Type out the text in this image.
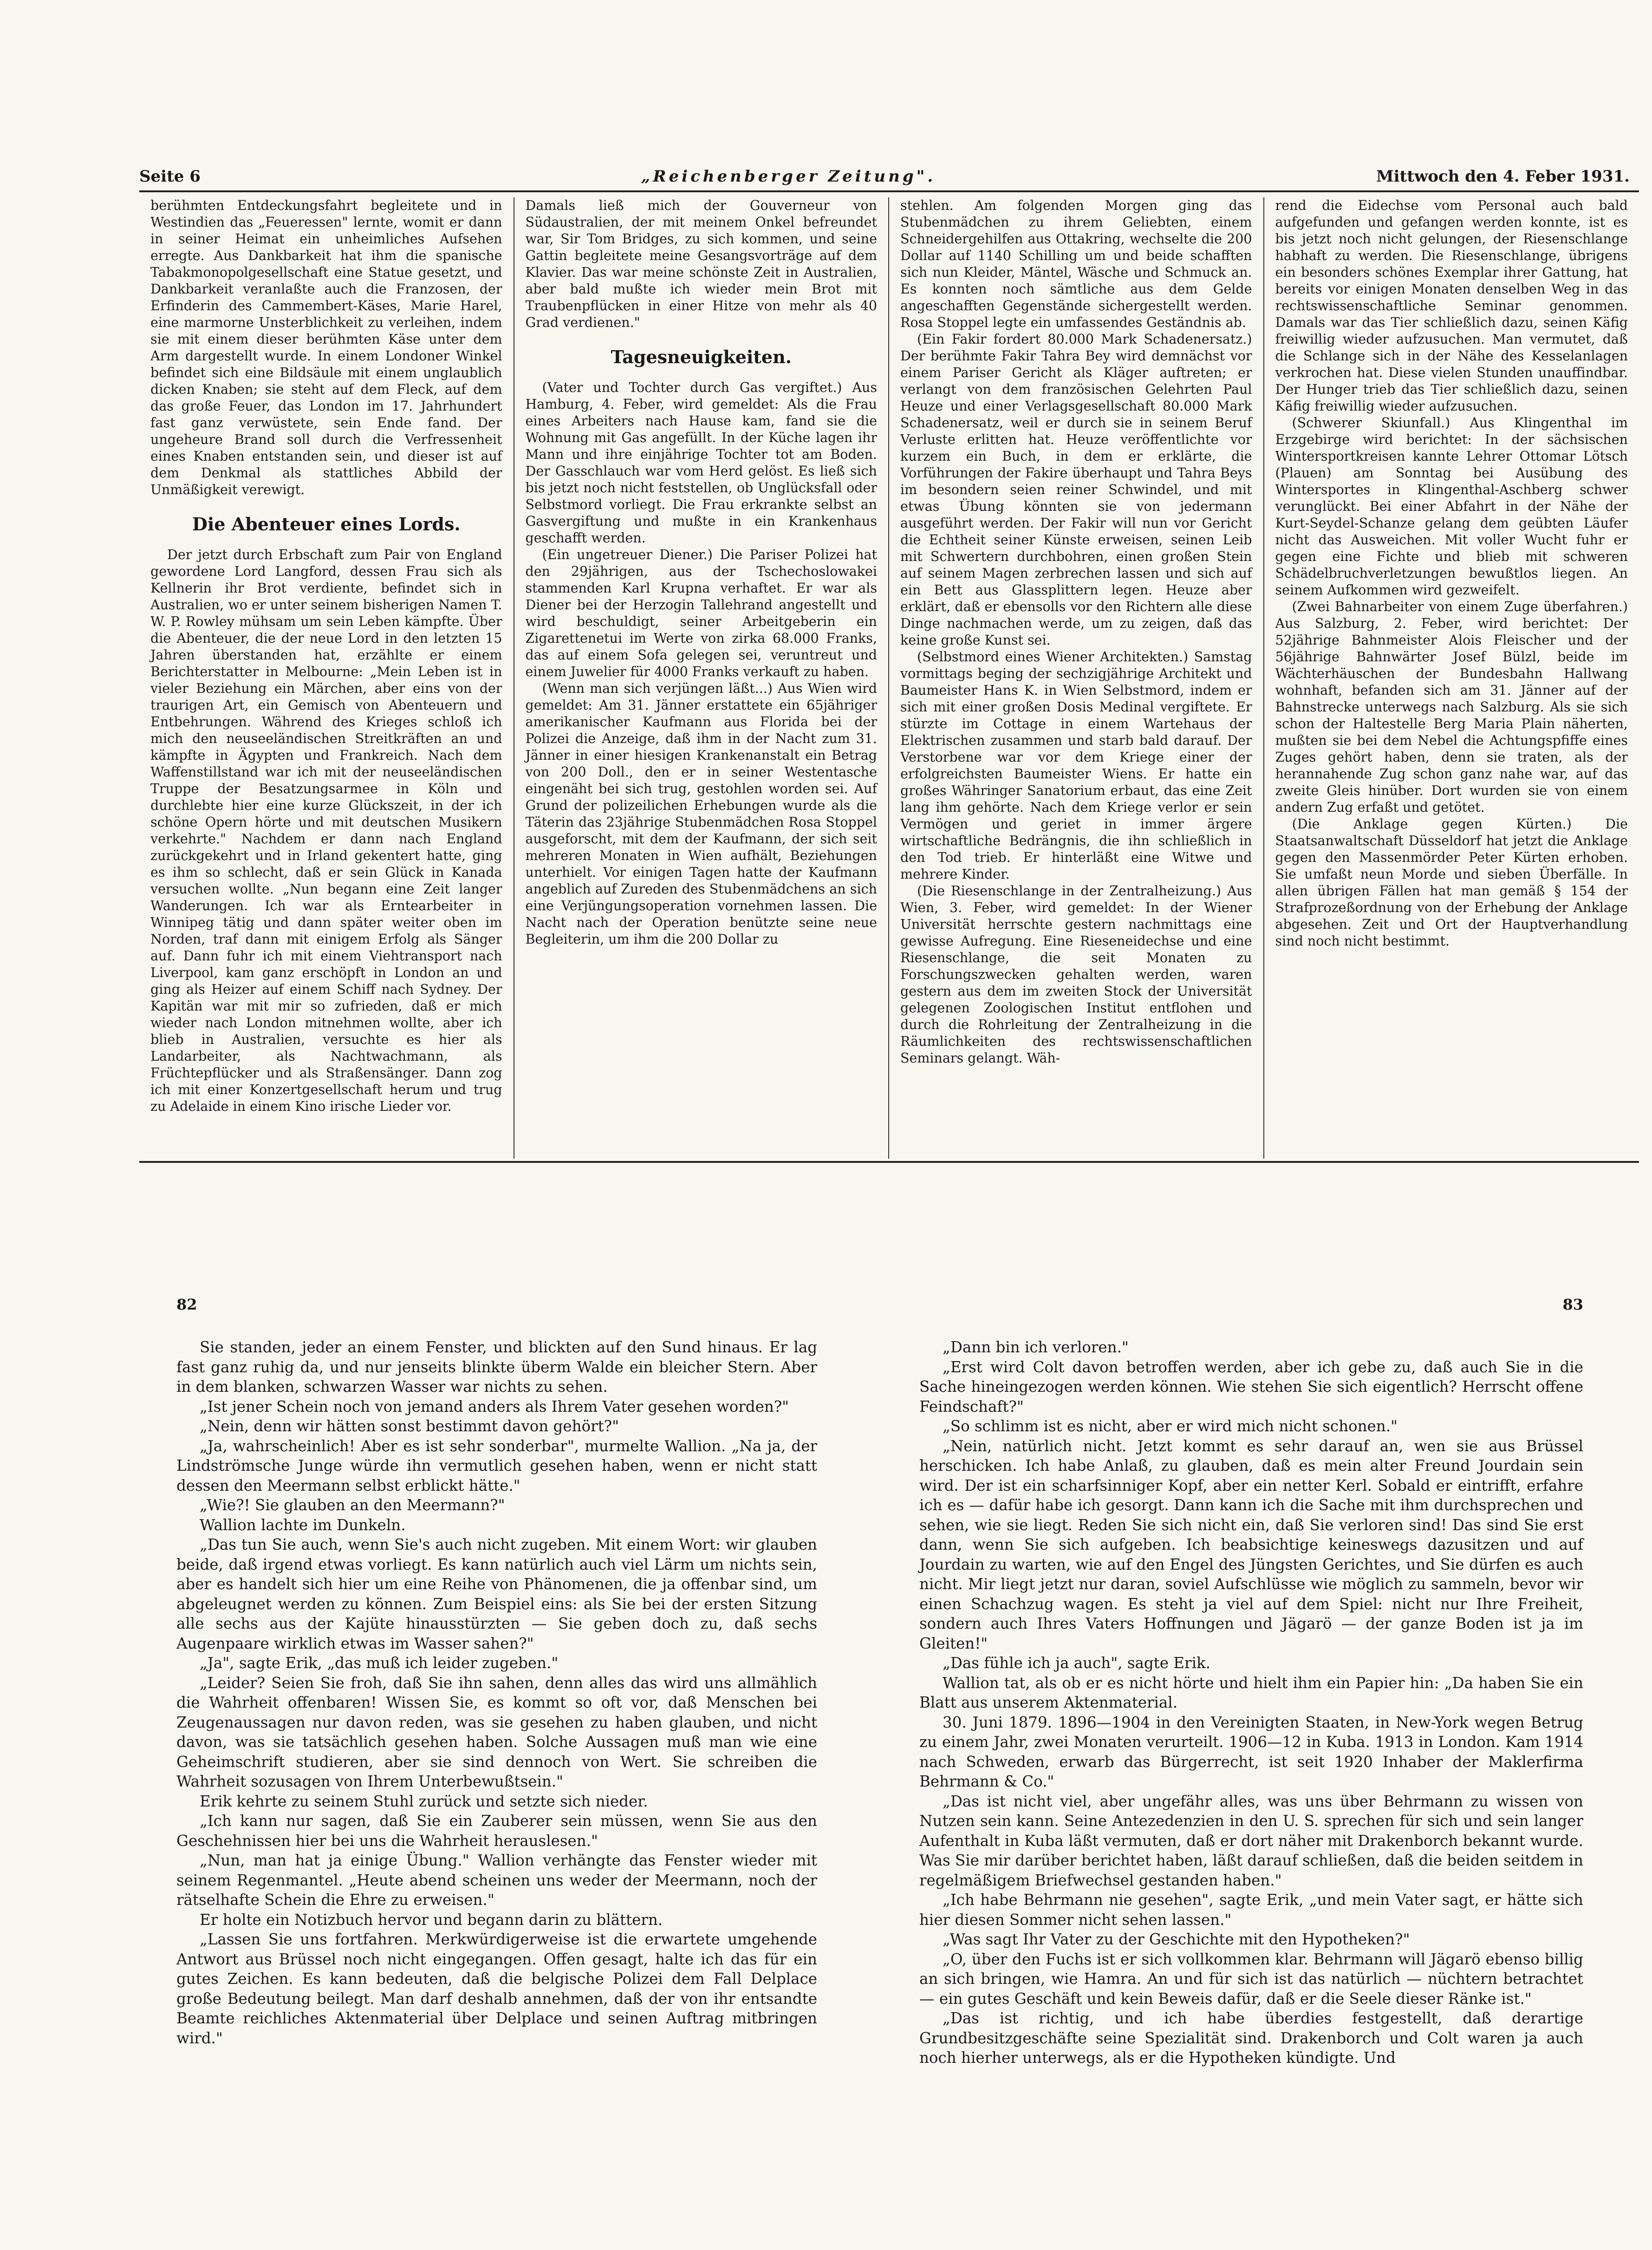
Seite 6	„Reichenberger Zeitung".	Mittwoch den 4. Feber 1931.

berühmten Entdeckungsfahrt begleitete und in Westindien das „Feueressen" lernte, womit er dann in seiner Heimat ein unheimliches Aufsehen erregte. Aus Dankbarkeit hat ihm die spanische Tabakmonopolgesellschaft eine Statue gesetzt, und Dankbarkeit veranlaßte auch die Franzosen, der Erfinderin des Cammembert-Käses, Marie Harel, eine marmorne Unsterblichkeit zu verleihen, indem sie mit einem dieser berühmten Käse unter dem Arm dargestellt wurde. In einem Londoner Winkel befindet sich eine Bildsäule mit einem unglaublich dicken Knaben; sie steht auf dem Fleck, auf dem das große Feuer, das London im 17. Jahrhundert fast ganz verwüstete, sein Ende fand. Der ungeheure Brand soll durch die Verfressenheit eines Knaben entstanden sein, und dieser ist auf dem Denkmal als stattliches Abbild der Unmäßigkeit verewigt.

Die Abenteuer eines Lords.

Der jetzt durch Erbschaft zum Pair von England gewordene Lord Langford, dessen Frau sich als Kellnerin ihr Brot verdiente, befindet sich in Australien, wo er unter seinem bisherigen Namen T. W. P. Rowley mühsam um sein Leben kämpfte. Über die Abenteuer, die der neue Lord in den letzten 15 Jahren überstanden hat, erzählte er einem Berichterstatter in Melbourne: „Mein Leben ist in vieler Beziehung ein Märchen, aber eins von der traurigen Art, ein Gemisch von Abenteuern und Entbehrungen. Während des Krieges schloß ich mich den neuseeländischen Streitkräften an und kämpfte in Ägypten und Frankreich. Nach dem Waffenstillstand war ich mit der neuseeländischen Truppe der Besatzungsarmee in Köln und durchlebte hier eine kurze Glückszeit, in der ich schöne Opern hörte und mit deutschen Musikern verkehrte." Nachdem er dann nach England zurückgekehrt und in Irland gekentert hatte, ging es ihm so schlecht, daß er sein Glück in Kanada versuchen wollte. „Nun begann eine Zeit langer Wanderungen. Ich war als Erntearbeiter in Winnipeg tätig und dann später weiter oben im Norden, traf dann mit einigem Erfolg als Sänger auf. Dann fuhr ich mit einem Viehtransport nach Liverpool, kam ganz erschöpft in London an und ging als Heizer auf einem Schiff nach Sydney. Der Kapitän war mit mir so zufrieden, daß er mich wieder nach London mitnehmen wollte, aber ich blieb in Australien, versuchte es hier als Landarbeiter, als Nachtwachmann, als Früchtepflücker und als Straßensänger. Dann zog ich mit einer Konzertgesellschaft herum und trug zu Adelaide in einem Kino irische Lieder vor.

Damals ließ mich der Gouverneur von Südaustralien, der mit meinem Onkel befreundet war, Sir Tom Bridges, zu sich kommen, und seine Gattin begleitete meine Gesangsvorträge auf dem Klavier. Das war meine schönste Zeit in Australien, aber bald mußte ich wieder mein Brot mit Traubenpflücken in einer Hitze von mehr als 40 Grad verdienen."

Tagesneuigkeiten.

(Vater und Tochter durch Gas vergiftet.) Aus Hamburg, 4. Feber, wird gemeldet: Als die Frau eines Arbeiters nach Hause kam, fand sie die Wohnung mit Gas angefüllt. In der Küche lagen ihr Mann und ihre einjährige Tochter tot am Boden. Der Gasschlauch war vom Herd gelöst. Es ließ sich bis jetzt noch nicht feststellen, ob Unglücksfall oder Selbstmord vorliegt. Die Frau erkrankte selbst an Gasvergiftung und mußte in ein Krankenhaus geschafft werden.

(Ein ungetreuer Diener.) Die Pariser Polizei hat den 29jährigen, aus der Tschechoslowakei stammenden Karl Krupna verhaftet. Er war als Diener bei der Herzogin Tallehrand angestellt und wird beschuldigt, seiner Arbeitgeberin ein Zigarettenetui im Werte von zirka 68.000 Franks, das auf einem Sofa gelegen sei, veruntreut und einem Juwelier für 4000 Franks verkauft zu haben.

(Wenn man sich verjüngen läßt...) Aus Wien wird gemeldet: Am 31. Jänner erstattete ein 65jähriger amerikanischer Kaufmann aus Florida bei der Polizei die Anzeige, daß ihm in der Nacht zum 31. Jänner in einer hiesigen Krankenanstalt ein Betrag von 200 Doll., den er in seiner Westentasche eingenäht bei sich trug, gestohlen worden sei. Auf Grund der polizeilichen Erhebungen wurde als die Täterin das 23jährige Stubenmädchen Rosa Stoppel ausgeforscht, mit dem der Kaufmann, der sich seit mehreren Monaten in Wien aufhält, Beziehungen unterhielt. Vor einigen Tagen hatte der Kaufmann angeblich auf Zureden des Stubenmädchens an sich eine Verjüngungsoperation vornehmen lassen. Die Nacht nach der Operation benützte seine neue Begleiterin, um ihm die 200 Dollar zu

stehlen. Am folgenden Morgen ging das Stubenmädchen zu ihrem Geliebten, einem Schneidergehilfen aus Ottakring, wechselte die 200 Dollar auf 1140 Schilling um und beide schafften sich nun Kleider, Mäntel, Wäsche und Schmuck an. Es konnten noch sämtliche aus dem Gelde angeschafften Gegenstände sichergestellt werden. Rosa Stoppel legte ein umfassendes Geständnis ab.

(Ein Fakir fordert 80.000 Mark Schadenersatz.) Der berühmte Fakir Tahra Bey wird demnächst vor einem Pariser Gericht als Kläger auftreten; er verlangt von dem französischen Gelehrten Paul Heuze und einer Verlagsgesellschaft 80.000 Mark Schadenersatz, weil er durch sie in seinem Beruf Verluste erlitten hat. Heuze veröffentlichte vor kurzem ein Buch, in dem er erklärte, die Vorführungen der Fakire überhaupt und Tahra Beys im besondern seien reiner Schwindel, und mit etwas Übung könnten sie von jedermann ausgeführt werden. Der Fakir will nun vor Gericht die Echtheit seiner Künste erweisen, seinen Leib mit Schwertern durchbohren, einen großen Stein auf seinem Magen zerbrechen lassen und sich auf ein Bett aus Glassplittern legen. Heuze aber erklärt, daß er ebensolls vor den Richtern alle diese Dinge nachmachen werde, um zu zeigen, daß das keine große Kunst sei.

(Selbstmord eines Wiener Architekten.) Samstag vormittags beging der sechzigjährige Architekt und Baumeister Hans K. in Wien Selbstmord, indem er sich mit einer großen Dosis Medinal vergiftete. Er stürzte im Cottage in einem Wartehaus der Elektrischen zusammen und starb bald darauf. Der Verstorbene war vor dem Kriege einer der erfolgreichsten Baumeister Wiens. Er hatte ein großes Währinger Sanatorium erbaut, das eine Zeit lang ihm gehörte. Nach dem Kriege verlor er sein Vermögen und geriet in immer ärgere wirtschaftliche Bedrängnis, die ihn schließlich in den Tod trieb. Er hinterläßt eine Witwe und mehrere Kinder.

(Die Riesenschlange in der Zentralheizung.) Aus Wien, 3. Feber, wird gemeldet: In der Wiener Universität herrschte gestern nachmittags eine gewisse Aufregung. Eine Rieseneidechse und eine Riesenschlange, die seit Monaten zu Forschungszwecken gehalten werden, waren gestern aus dem im zweiten Stock der Universität gelegenen Zoologischen Institut entflohen und durch die Rohrleitung der Zentralheizung in die Räumlichkeiten des rechtswissenschaftlichen Seminars gelangt. Wäh-

rend die Eidechse vom Personal auch bald aufgefunden und gefangen werden konnte, ist es bis jetzt noch nicht gelungen, der Riesenschlange habhaft zu werden. Die Riesenschlange, übrigens ein besonders schönes Exemplar ihrer Gattung, hat bereits vor einigen Monaten denselben Weg in das rechtswissenschaftliche Seminar genommen. Damals war das Tier schließlich dazu, seinen Käfig freiwillig wieder aufzusuchen. Man vermutet, daß die Schlange sich in der Nähe des Kesselanlagen verkrochen hat. Diese vielen Stunden unauffindbar. Der Hunger trieb das Tier schließlich dazu, seinen Käfig freiwillig wieder aufzusuchen.

(Schwerer Skiunfall.) Aus Klingenthal im Erzgebirge wird berichtet: In der sächsischen Wintersportkreisen kannte Lehrer Ottomar Lötsch (Plauen) am Sonntag bei Ausübung des Wintersportes in Klingenthal-Aschberg schwer verunglückt. Bei einer Abfahrt in der Nähe der Kurt-Seydel-Schanze gelang dem geübten Läufer nicht das Ausweichen. Mit voller Wucht fuhr er gegen eine Fichte und blieb mit schweren Schädelbruchverletzungen bewußtlos liegen. An seinem Aufkommen wird gezweifelt.

(Zwei Bahnarbeiter von einem Zuge überfahren.) Aus Salzburg, 2. Feber, wird berichtet: Der 52jährige Bahnmeister Alois Fleischer und der 56jährige Bahnwärter Josef Bülzl, beide im Wächterhäuschen der Bundesbahn Hallwang wohnhaft, befanden sich am 31. Jänner auf der Bahnstrecke unterwegs nach Salzburg. Als sie sich schon der Haltestelle Berg Maria Plain näherten, mußten sie bei dem Nebel die Achtungspfiffe eines Zuges gehört haben, denn sie traten, als der herannahende Zug schon ganz nahe war, auf das zweite Gleis hinüber. Dort wurden sie von einem andern Zug erfaßt und getötet.

(Die Anklage gegen Kürten.) Die Staatsanwaltschaft Düsseldorf hat jetzt die Anklage gegen den Massenmörder Peter Kürten erhoben. Sie umfaßt neun Morde und sieben Überfälle. In allen übrigen Fällen hat man gemäß § 154 der Strafprozeßordnung von der Erhebung der Anklage abgesehen. Zeit und Ort der Hauptverhandlung sind noch nicht bestimmt.

82

Sie standen, jeder an einem Fenster, und blickten auf den Sund hinaus. Er lag fast ganz ruhig da, und nur jenseits blinkte überm Walde ein bleicher Stern. Aber in dem blanken, schwarzen Wasser war nichts zu sehen.

„Ist jener Schein noch von jemand anders als Ihrem Vater gesehen worden?"

„Nein, denn wir hätten sonst bestimmt davon gehört?"

„Ja, wahrscheinlich! Aber es ist sehr sonderbar", murmelte Wallion. „Na ja, der Lindströmsche Junge würde ihn vermutlich gesehen haben, wenn er nicht statt dessen den Meermann selbst erblickt hätte."

„Wie?! Sie glauben an den Meermann?"

Wallion lachte im Dunkeln.

„Das tun Sie auch, wenn Sie's auch nicht zugeben. Mit einem Wort: wir glauben beide, daß irgend etwas vorliegt. Es kann natürlich auch viel Lärm um nichts sein, aber es handelt sich hier um eine Reihe von Phänomenen, die ja offenbar sind, um abgeleugnet werden zu können. Zum Beispiel eins: als Sie bei der ersten Sitzung alle sechs aus der Kajüte hinausstürzten — Sie geben doch zu, daß sechs Augenpaare wirklich etwas im Wasser sahen?"

„Ja", sagte Erik, „das muß ich leider zugeben."

„Leider? Seien Sie froh, daß Sie ihn sahen, denn alles das wird uns allmählich die Wahrheit offenbaren! Wissen Sie, es kommt so oft vor, daß Menschen bei Zeugenaussagen nur davon reden, was sie gesehen zu haben glauben, und nicht davon, was sie tatsächlich gesehen haben. Solche Aussagen muß man wie eine Geheimschrift studieren, aber sie sind dennoch von Wert. Sie schreiben die Wahrheit sozusagen von Ihrem Unterbewußtsein."

Erik kehrte zu seinem Stuhl zurück und setzte sich nieder.

„Ich kann nur sagen, daß Sie ein Zauberer sein müssen, wenn Sie aus den Geschehnissen hier bei uns die Wahrheit herauslesen."

„Nun, man hat ja einige Übung." Wallion verhängte das Fenster wieder mit seinem Regenmantel. „Heute abend scheinen uns weder der Meermann, noch der rätselhafte Schein die Ehre zu erweisen."

Er holte ein Notizbuch hervor und begann darin zu blättern.

„Lassen Sie uns fortfahren. Merkwürdigerweise ist die erwartete umgehende Antwort aus Brüssel noch nicht eingegangen. Offen gesagt, halte ich das für ein gutes Zeichen. Es kann bedeuten, daß die belgische Polizei dem Fall Delplace große Bedeutung beilegt. Man darf deshalb annehmen, daß der von ihr entsandte Beamte reichliches Aktenmaterial über Delplace und seinen Auftrag mitbringen wird."

83

„Dann bin ich verloren."

„Erst wird Colt davon betroffen werden, aber ich gebe zu, daß auch Sie in die Sache hineingezogen werden können. Wie stehen Sie sich eigentlich? Herrscht offene Feindschaft?"

„So schlimm ist es nicht, aber er wird mich nicht schonen."

„Nein, natürlich nicht. Jetzt kommt es sehr darauf an, wen sie aus Brüssel herschicken. Ich habe Anlaß, zu glauben, daß es mein alter Freund Jourdain sein wird. Der ist ein scharfsinniger Kopf, aber ein netter Kerl. Sobald er eintrifft, erfahre ich es — dafür habe ich gesorgt. Dann kann ich die Sache mit ihm durchsprechen und sehen, wie sie liegt. Reden Sie sich nicht ein, daß Sie verloren sind! Das sind Sie erst dann, wenn Sie sich aufgeben. Ich beabsichtige keineswegs dazusitzen und auf Jourdain zu warten, wie auf den Engel des Jüngsten Gerichtes, und Sie dürfen es auch nicht. Mir liegt jetzt nur daran, soviel Aufschlüsse wie möglich zu sammeln, bevor wir einen Schachzug wagen. Es steht ja viel auf dem Spiel: nicht nur Ihre Freiheit, sondern auch Ihres Vaters Hoffnungen und Jägarö — der ganze Boden ist ja im Gleiten!"

„Das fühle ich ja auch", sagte Erik.

Wallion tat, als ob er es nicht hörte und hielt ihm ein Papier hin: „Da haben Sie ein Blatt aus unserem Aktenmaterial.

30. Juni 1879. 1896—1904 in den Vereinigten Staaten, in New-York wegen Betrug zu einem Jahr, zwei Monaten verurteilt. 1906—12 in Kuba. 1913 in London. Kam 1914 nach Schweden, erwarb das Bürgerrecht, ist seit 1920 Inhaber der Maklerfirma Behrmann & Co."

„Das ist nicht viel, aber ungefähr alles, was uns über Behrmann zu wissen von Nutzen sein kann. Seine Antezedenzien in den U. S. sprechen für sich und sein langer Aufenthalt in Kuba läßt vermuten, daß er dort näher mit Drakenborch bekannt wurde. Was Sie mir darüber berichtet haben, läßt darauf schließen, daß die beiden seitdem in regelmäßigem Briefwechsel gestanden haben."

„Ich habe Behrmann nie gesehen", sagte Erik, „und mein Vater sagt, er hätte sich hier diesen Sommer nicht sehen lassen."

„Was sagt Ihr Vater zu der Geschichte mit den Hypotheken?"

„O, über den Fuchs ist er sich vollkommen klar. Behrmann will Jägarö ebenso billig an sich bringen, wie Hamra. An und für sich ist das natürlich — nüchtern betrachtet — ein gutes Geschäft und kein Beweis dafür, daß er die Seele dieser Ränke ist."

„Das ist richtig, und ich habe überdies festgestellt, daß derartige Grundbesitzgeschäfte seine Spezialität sind. Drakenborch und Colt waren ja auch noch hierher unterwegs, als er die Hypotheken kündigte. Und
